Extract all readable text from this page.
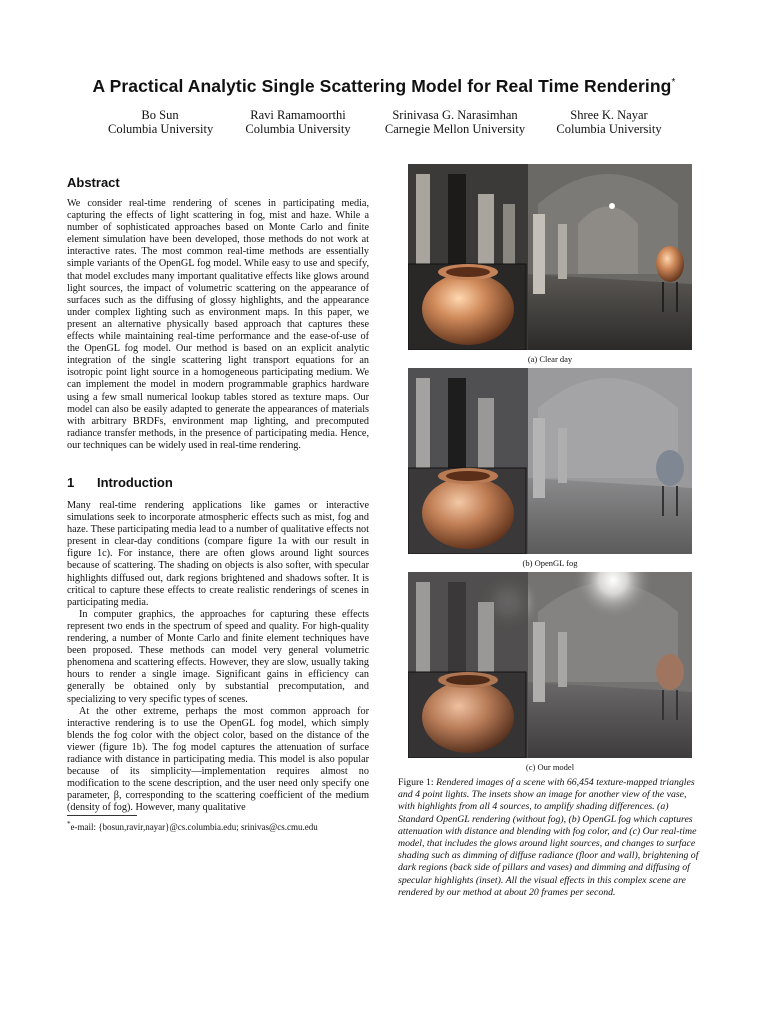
A Practical Analytic Single Scattering Model for Real Time Rendering*
Bo Sun
Columbia University
Ravi Ramamoorthi
Columbia University
Srinivasa G. Narasimhan
Carnegie Mellon University
Shree K. Nayar
Columbia University
Abstract

We consider real-time rendering of scenes in participating media, capturing the effects of light scattering in fog, mist and haze. While a number of sophisticated approaches based on Monte Carlo and finite element simulation have been developed, those methods do not work at interactive rates. The most common real-time methods are essentially simple variants of the OpenGL fog model. While easy to use and specify, that model excludes many important qualitative effects like glows around light sources, the impact of volumetric scattering on the appearance of surfaces such as the diffusing of glossy highlights, and the appearance under complex lighting such as environment maps. In this paper, we present an alternative physically based approach that captures these effects while maintaining real-time performance and the ease-of-use of the OpenGL fog model. Our method is based on an explicit analytic integration of the single scattering light transport equations for an isotropic point light source in a homogeneous participating medium. We can implement the model in modern programmable graphics hardware using a few small numerical lookup tables stored as texture maps. Our model can also be easily adapted to generate the appearances of materials with arbitrary BRDFs, environment map lighting, and precomputed radiance transfer methods, in the presence of participating media. Hence, our techniques can be widely used in real-time rendering.

1 Introduction

Many real-time rendering applications like games or interactive simulations seek to incorporate atmospheric effects such as mist, fog and haze. These participating media lead to a number of qualitative effects not present in clear-day conditions (compare figure 1a with our result in figure 1c). For instance, there are often glows around light sources because of scattering. The shading on objects is also softer, with specular highlights diffused out, dark regions brightened and shadows softer. It is critical to capture these effects to create realistic renderings of scenes in participating media.

In computer graphics, the approaches for capturing these effects represent two ends in the spectrum of speed and quality. For high-quality rendering, a number of Monte Carlo and finite element techniques have been proposed. These methods can model very general volumetric phenomena and scattering effects. However, they are slow, usually taking hours to render a single image. Significant gains in efficiency can generally be obtained only by substantial precomputation, and specializing to very specific types of scenes.

At the other extreme, perhaps the most common approach for interactive rendering is to use the OpenGL fog model, which simply blends the fog color with the object color, based on the distance of the viewer (figure 1b). The fog model captures the attenuation of surface radiance with distance in participating media. This model is also popular because of its simplicity—implementation requires almost no modification to the scene description, and the user need only specify one parameter, β, corresponding to the scattering coefficient of the medium (density of fog). However, many qualitative

*e-mail: {bosun,ravir,nayar}@cs.columbia.edu; srinivas@cs.cmu.edu
(a) Clear day
(b) OpenGL fog
(c) Our model
Figure 1: Rendered images of a scene with 66,454 texture-mapped triangles and 4 point lights. The insets show an image for another view of the vase, with highlights from all 4 sources, to amplify shading differences. (a) Standard OpenGL rendering (without fog), (b) OpenGL fog which captures attenuation with distance and blending with fog color, and (c) Our real-time model, that includes the glows around light sources, and changes to surface shading such as dimming of diffuse radiance (floor and wall), brightening of dark regions (back side of pillars and vases) and dimming and diffusing of specular highlights (inset). All the visual effects in this complex scene are rendered by our method at about 20 frames per second.
